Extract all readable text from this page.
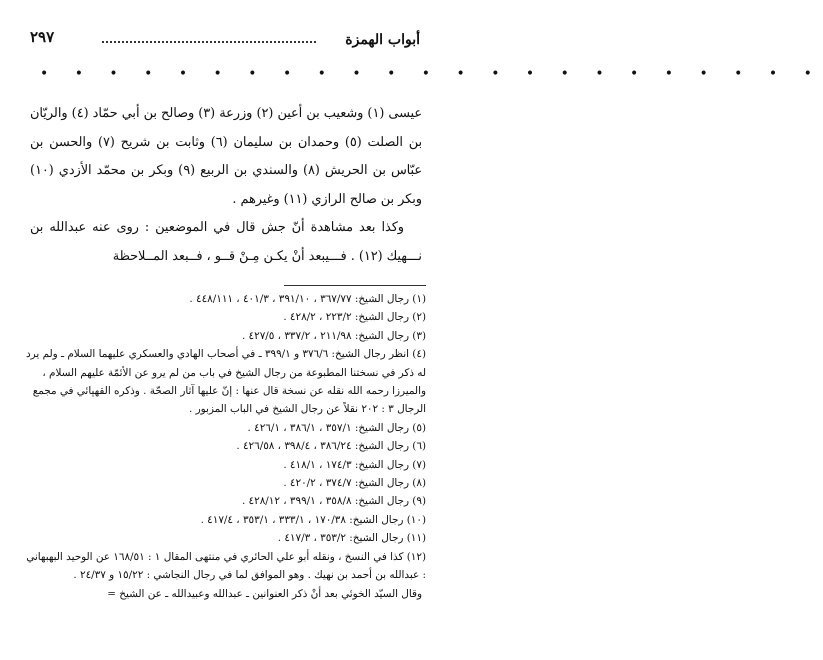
أبواب الهمزة
٢٩٧
• • • • • • • • • • • • • • • • • • • • • • •

عيسى (١) وشعيب بن أعين (٢) وزرعة (٣) وصالح بن أبي حمّاد (٤) والريّان بن الصلت (٥) وحمدان بن سليمان (٦) وثابت بن شريح (٧) والحسن بن عبّاس بن الحريش (٨) والسندي بن الربيع (٩) وبكر بن محمّد الأزدي (١٠) وبكر بن صالح الرازي (١١) وغيرهم .

وكذا بعد مشاهدة أنّ جش قال في الموضعين : روى عنه عبدالله بن نـــهيك (١٢) . فـــيبعد أنْ يكـن مِـنْ قــو ، فــبعد المــلاحظة

(١) رجال الشيخ: ٣٦٧/٧٧ ، ٣٩١/١٠ ، ٤٠١/٣ ، ٤٤٨/١١١ .

(٢) رجال الشيخ: ٢٢٣/٢ ، ٤٢٨/٢ .

(٣) رجال الشيخ: ٢١١/٩٨ ، ٣٣٧/٢ ، ٤٢٧/٥ .

(٤) انظر رجال الشيخ: ٣٧٦/٦ و ٣٩٩/١ ـ في أصحاب الهادي والعسكري عليهما السلام ـ ولم يرد له ذكر في نسختنا المطبوعة من رجال الشيخ في باب من لم يرو عن الأئمّة عليهم السلام ، والميرزا رحمه الله نقله عن نسخة قال عنها : إنّ عليها آثار الصحّة . وذكره القهپائي في مجمع الرجال ٣ : ٢٠٢ نقلاً عن رجال الشيخ في الباب المزبور .

(٥) رجال الشيخ: ٣٥٧/١ ، ٣٨٦/١ ، ٤٢٦/١ .

(٦) رجال الشيخ: ٣٨٦/٢٤ ، ٣٩٨/٤ ، ٤٢٦/٥٨ .

(٧) رجال الشيخ: ١٧٤/٣ ، ٤١٨/١ .

(٨) رجال الشيخ: ٣٧٤/٧ ، ٤٢٠/٢ .

(٩) رجال الشيخ: ٣٥٨/٨ ، ٣٩٩/١ ، ٤٢٨/١٢ .

(١٠) رجال الشيخ: ١٧٠/٣٨ ، ٣٣٣/١ ، ٣٥٣/١ ، ٤١٧/٤ .

(١١) رجال الشيخ: ٣٥٣/٢ ، ٤١٧/٣ .

(١٢) كذا في النسخ ، ونقله أبو علي الحائري في منتهى المقال ١ : ١٦٨/٥١ عن الوحيد البهبهاني : عبدالله بن أحمد بن نهيك . وهو الموافق لما في رجال النجاشي : ١٥/٢٢ و ٢٤/٣٧ .

وقال السيّد الخوئي بعد أنْ ذكر العنوانين ـ عبدالله وعبيدالله ـ عن الشيخ =
